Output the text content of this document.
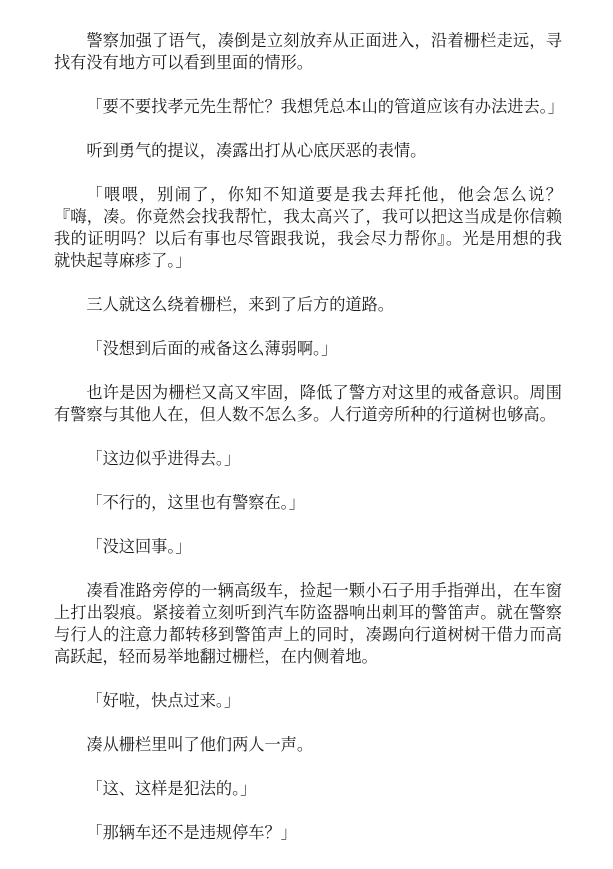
警察加强了语气，凑倒是立刻放弃从正面进入，沿着栅栏走远，寻找有没有地方可以看到里面的情形。

「要不要找孝元先生帮忙？我想凭总本山的管道应该有办法进去。」

听到勇气的提议，凑露出打从心底厌恶的表情。

「喂喂，别闹了，你知不知道要是我去拜托他，他会怎么说？『嗨，凑。你竟然会找我帮忙，我太高兴了，我可以把这当成是你信赖我的证明吗？以后有事也尽管跟我说，我会尽力帮你』。光是用想的我就快起荨麻疹了。」

三人就这么绕着栅栏，来到了后方的道路。

「没想到后面的戒备这么薄弱啊。」

也许是因为栅栏又高又牢固，降低了警方对这里的戒备意识。周围有警察与其他人在，但人数不怎么多。人行道旁所种的行道树也够高。

「这边似乎进得去。」

「不行的，这里也有警察在。」

「没这回事。」

凑看准路旁停的一辆高级车，捡起一颗小石子用手指弹出，在车窗上打出裂痕。紧接着立刻听到汽车防盗器响出刺耳的警笛声。就在警察与行人的注意力都转移到警笛声上的同时，凑踢向行道树树干借力而高高跃起，轻而易举地翻过栅栏，在内侧着地。

「好啦，快点过来。」

凑从栅栏里叫了他们两人一声。

「这、这样是犯法的。」

「那辆车还不是违规停车？」
